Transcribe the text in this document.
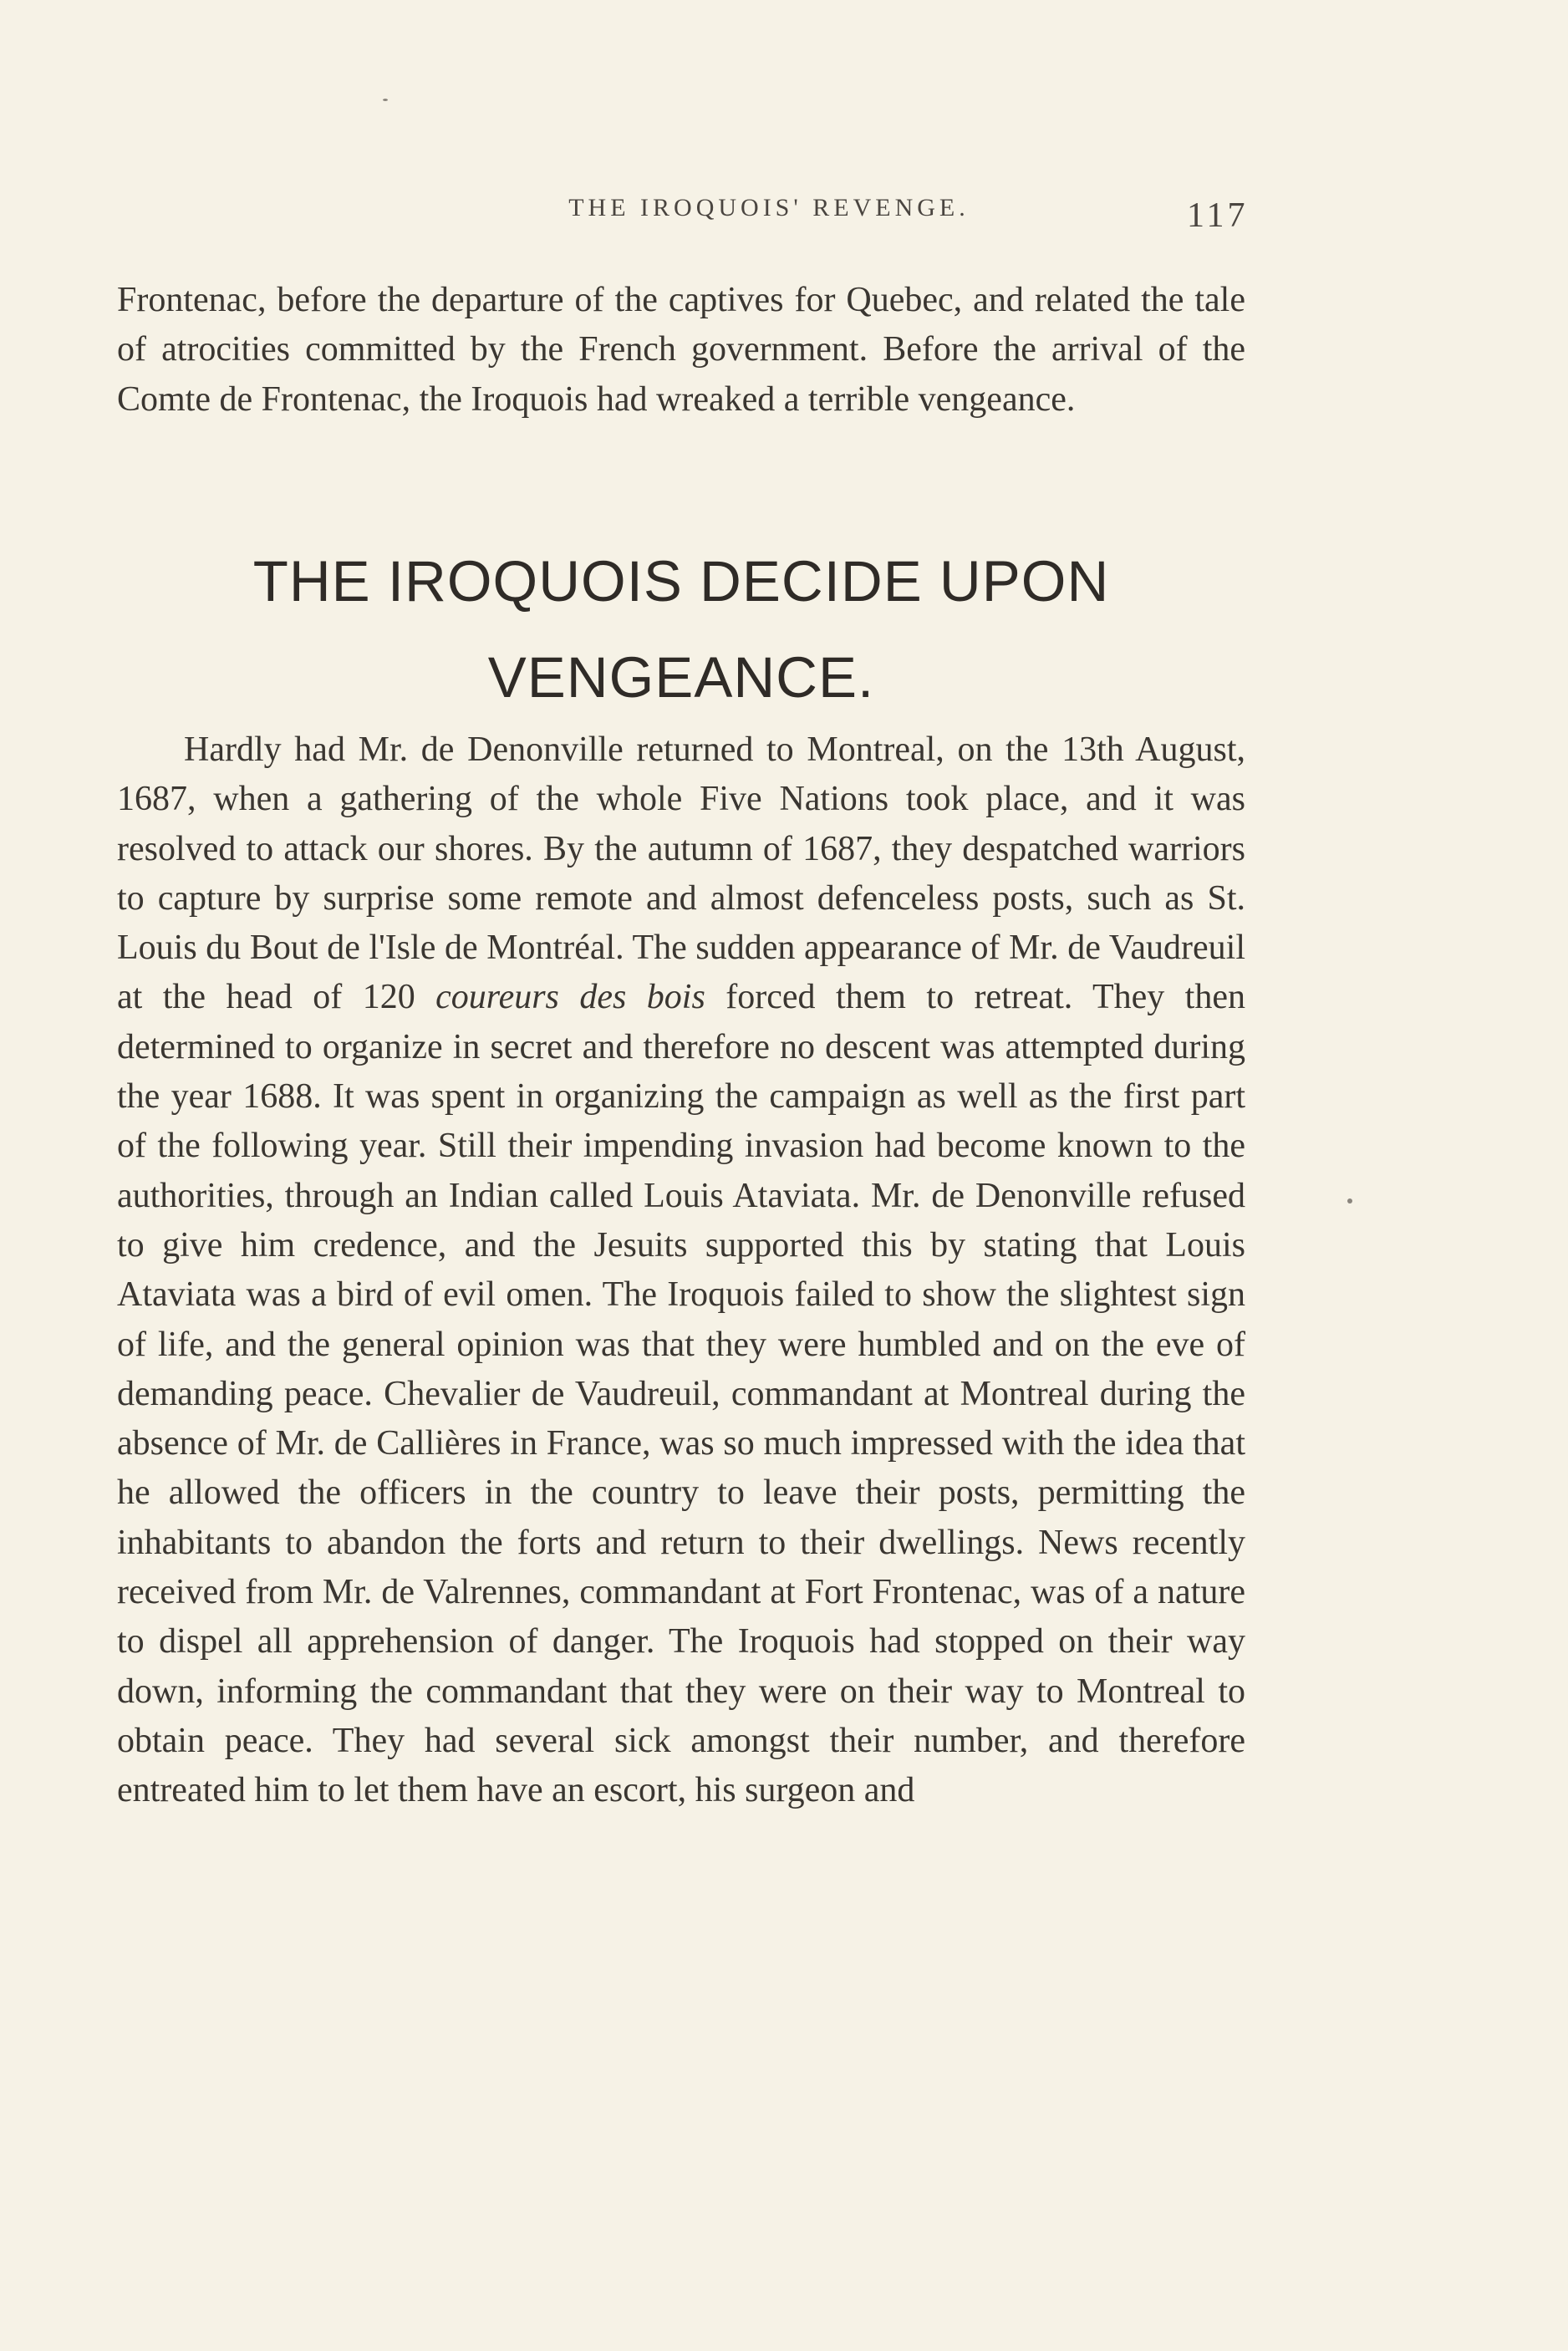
THE IROQUOIS' REVENGE.	117

Frontenac, before the departure of the captives for Quebec, and related the tale of atrocities committed by the French government. Before the arrival of the Comte de Frontenac, the Iroquois had wreaked a terrible vengeance.

THE IROQUOIS DECIDE UPON VENGEANCE.

Hardly had Mr. de Denonville returned to Montreal, on the 13th August, 1687, when a gathering of the whole Five Nations took place, and it was resolved to attack our shores. By the autumn of 1687, they despatched warriors to capture by surprise some remote and almost defenceless posts, such as St. Louis du Bout de l'Isle de Montréal. The sudden appearance of Mr. de Vaudreuil at the head of 120 coureurs des bois forced them to retreat. They then determined to organize in secret and therefore no descent was attempted during the year 1688. It was spent in organizing the campaign as well as the first part of the following year. Still their impending invasion had become known to the authorities, through an Indian called Louis Ataviata. Mr. de Denonville refused to give him credence, and the Jesuits supported this by stating that Louis Ataviata was a bird of evil omen. The Iroquois failed to show the slightest sign of life, and the general opinion was that they were humbled and on the eve of demanding peace. Chevalier de Vaudreuil, commandant at Montreal during the absence of Mr. de Callières in France, was so much impressed with the idea that he allowed the officers in the country to leave their posts, permitting the inhabitants to abandon the forts and return to their dwellings. News recently received from Mr. de Valrennes, commandant at Fort Frontenac, was of a nature to dispel all apprehension of danger. The Iroquois had stopped on their way down, informing the commandant that they were on their way to Montreal to obtain peace. They had several sick amongst their number, and therefore entreated him to let them have an escort, his surgeon and
